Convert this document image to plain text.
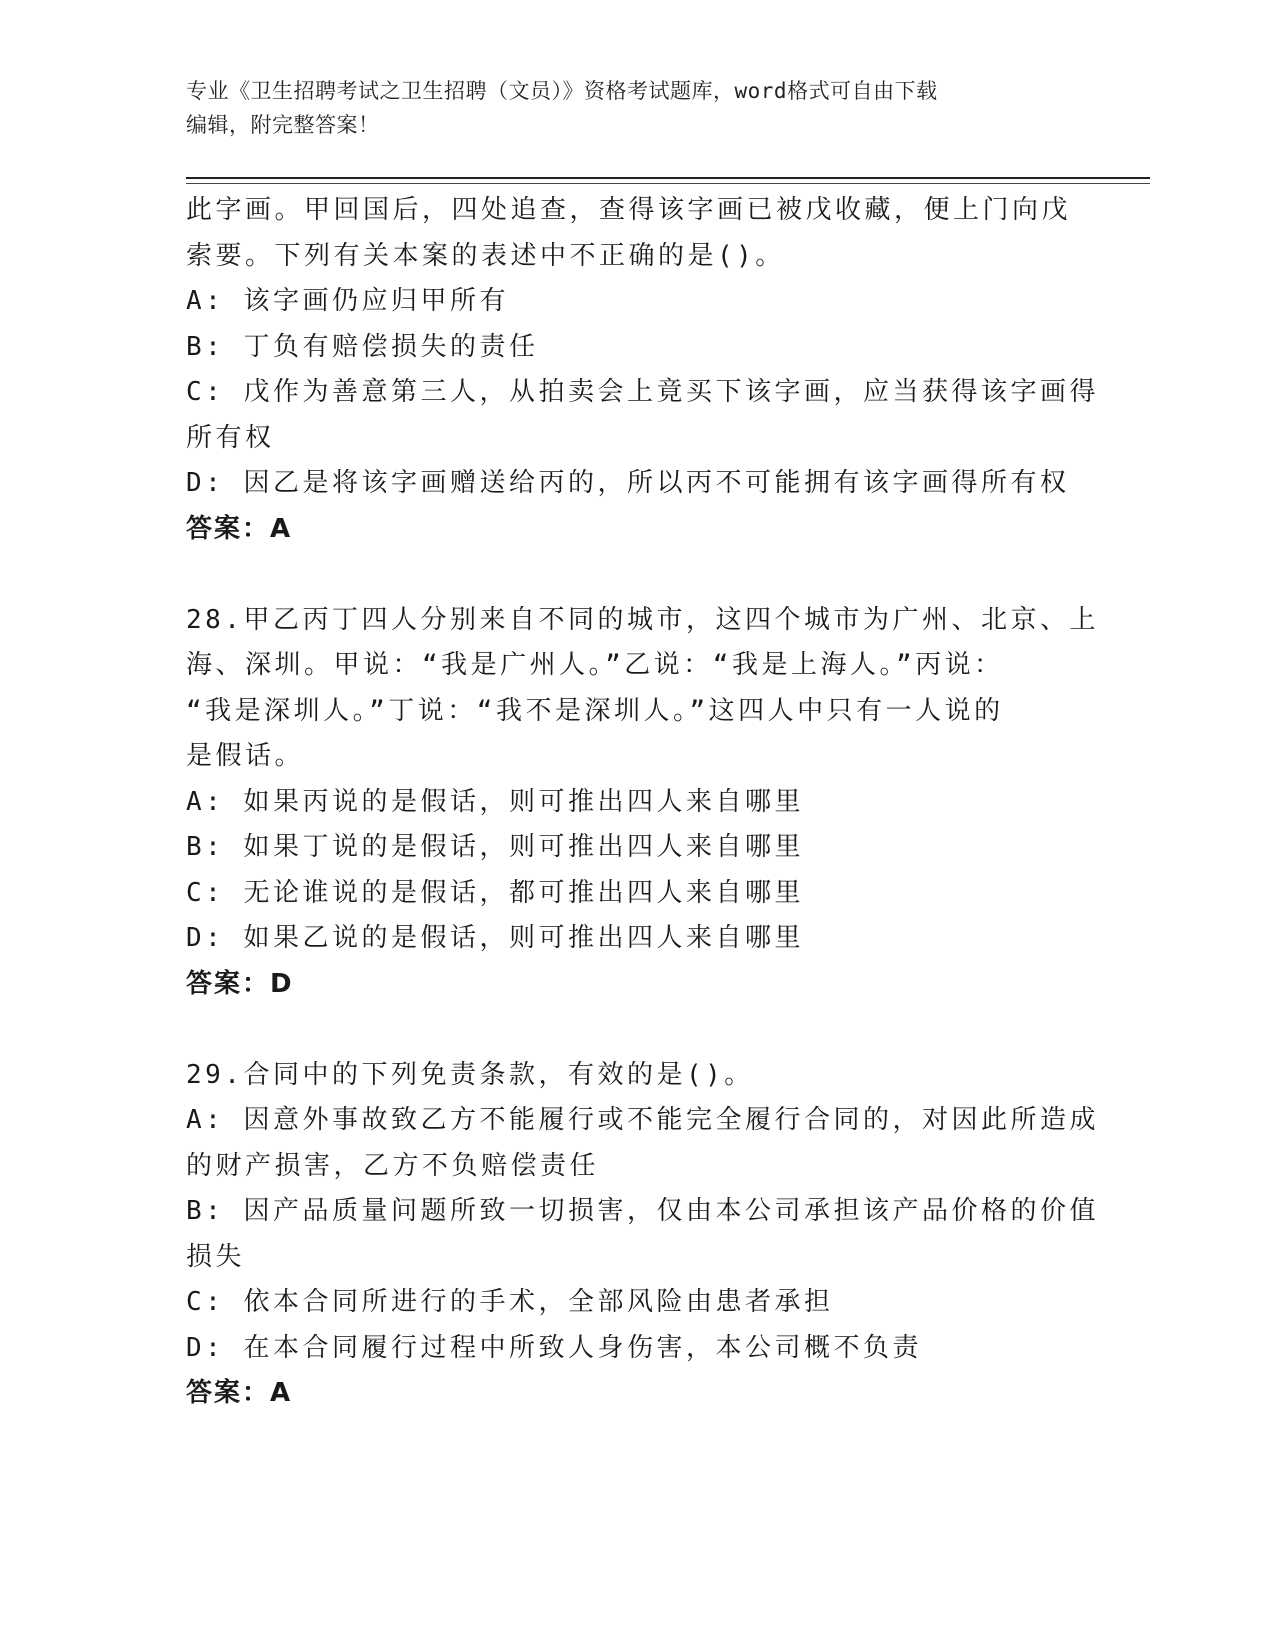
专业《卫生招聘考试之卫生招聘（文员）》资格考试题库，word格式可自由下载
编辑，附完整答案！
此字画。甲回国后，四处追查，查得该字画已被戊收藏，便上门向戊
索要。下列有关本案的表述中不正确的是()。
A: 该字画仍应归甲所有
B: 丁负有赔偿损失的责任
C: 戊作为善意第三人，从拍卖会上竟买下该字画，应当获得该字画得
所有权
D: 因乙是将该字画赠送给丙的，所以丙不可能拥有该字画得所有权
答案：A
28.甲乙丙丁四人分别来自不同的城市，这四个城市为广州、北京、上
海、深圳。甲说：“我是广州人。”乙说：“我是上海人。”丙说：
“我是深圳人。”丁说：“我不是深圳人。”这四人中只有一人说的
是假话。
A: 如果丙说的是假话，则可推出四人来自哪里
B: 如果丁说的是假话，则可推出四人来自哪里
C: 无论谁说的是假话，都可推出四人来自哪里
D: 如果乙说的是假话，则可推出四人来自哪里
答案：D
29.合同中的下列免责条款，有效的是()。
A: 因意外事故致乙方不能履行或不能完全履行合同的，对因此所造成
的财产损害，乙方不负赔偿责任
B: 因产品质量问题所致一切损害，仅由本公司承担该产品价格的价值
损失
C: 依本合同所进行的手术，全部风险由患者承担
D: 在本合同履行过程中所致人身伤害，本公司概不负责
答案：A
